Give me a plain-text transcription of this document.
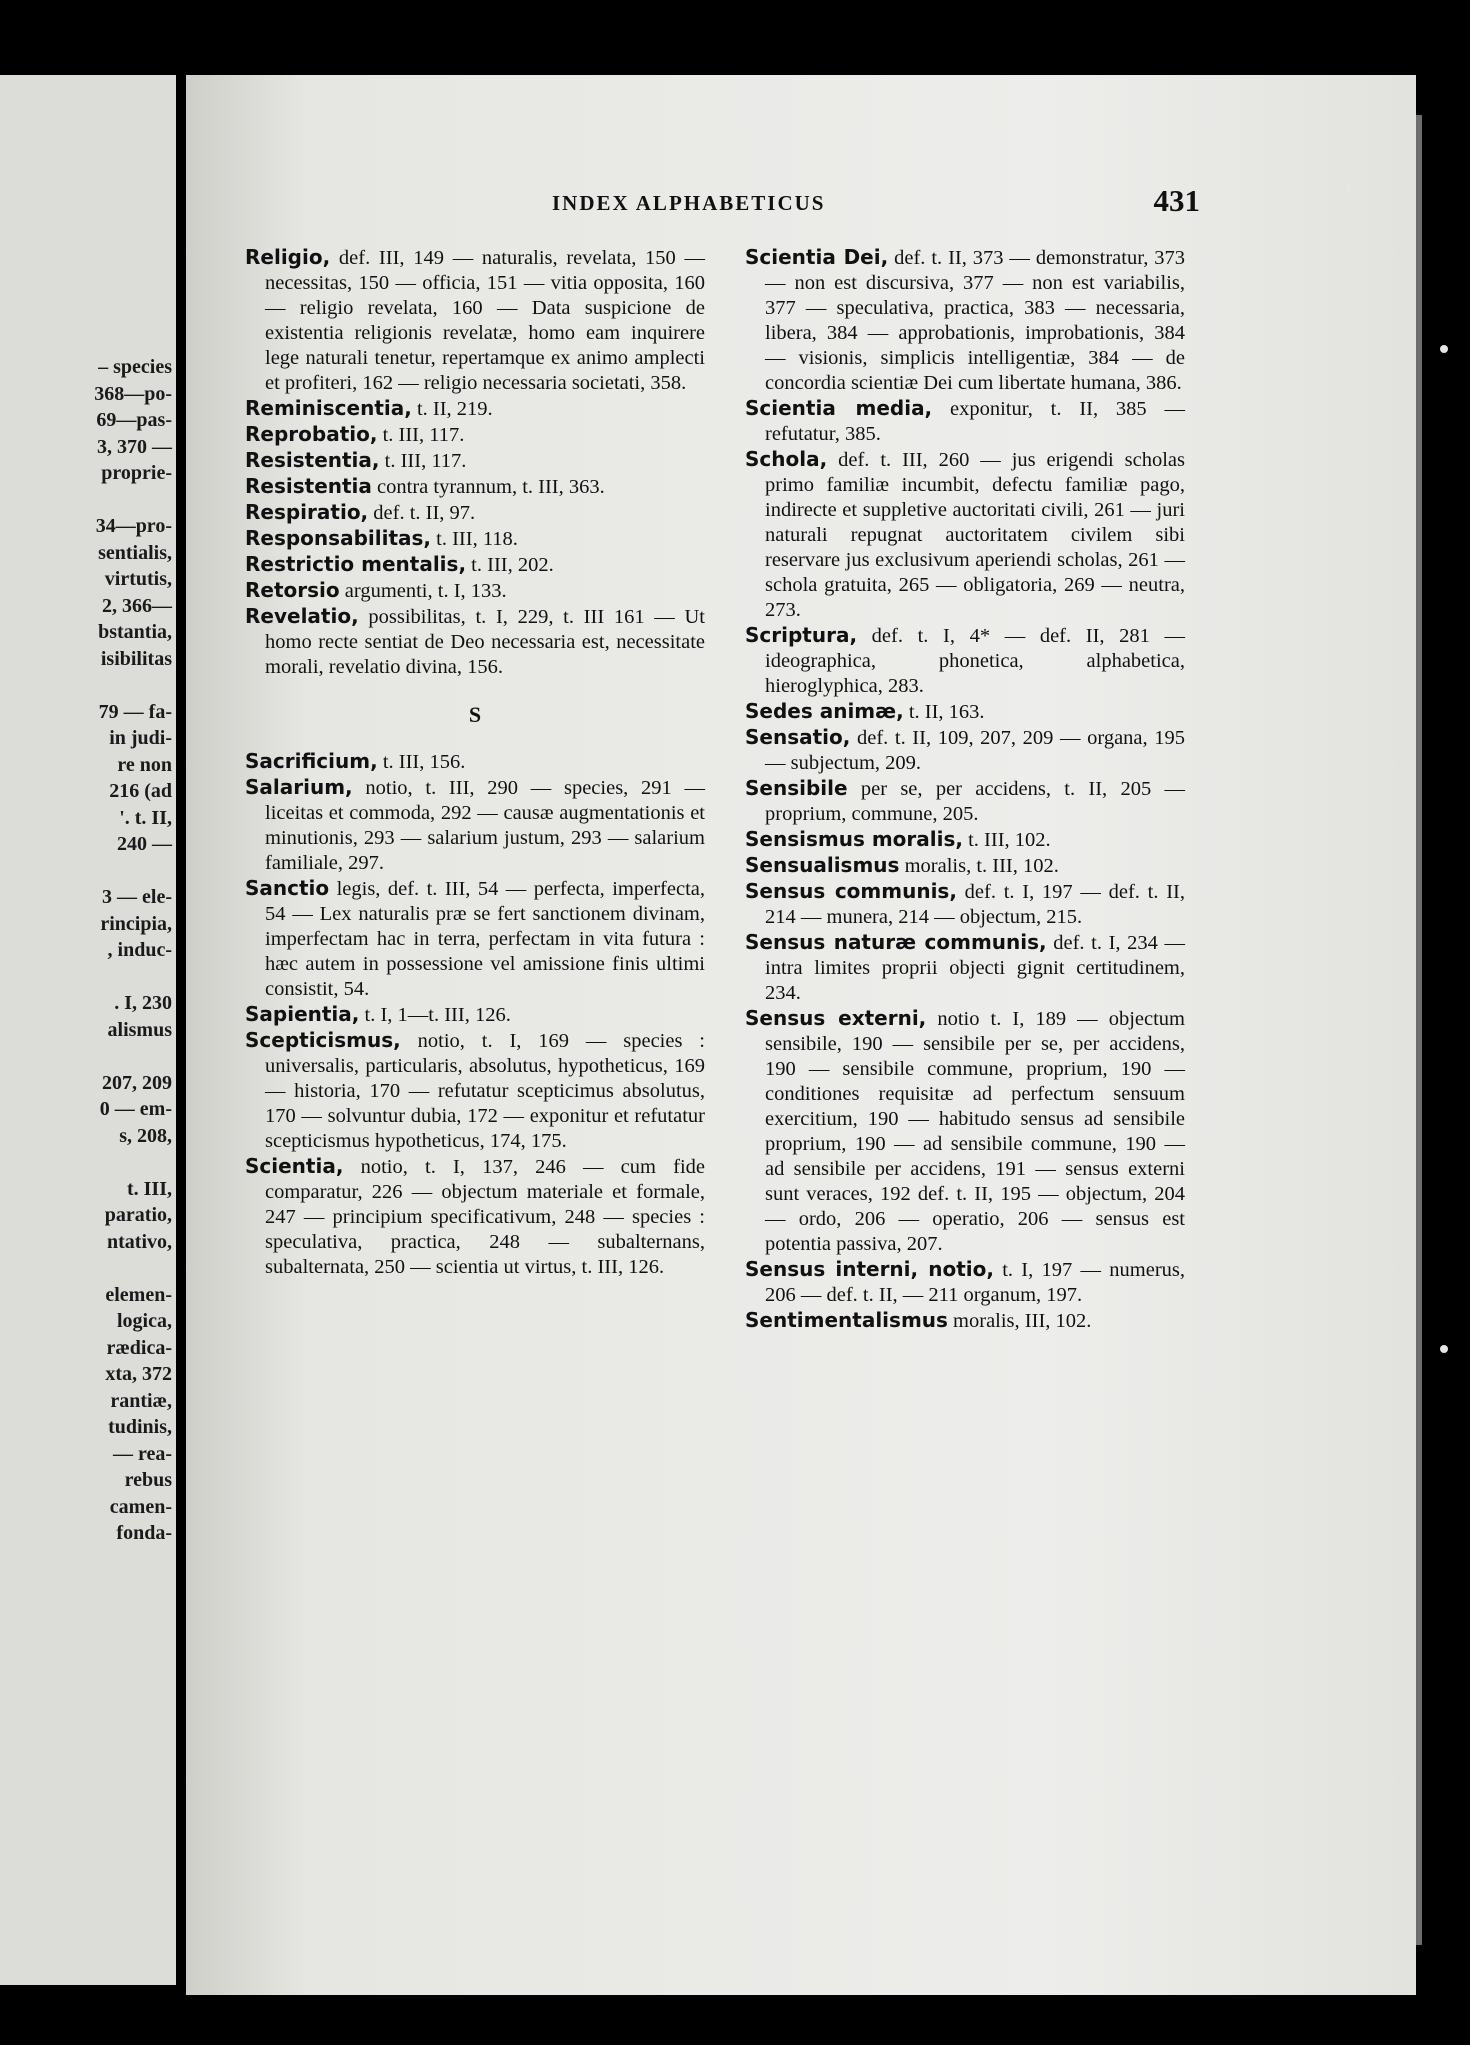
– species
368—po-
69—pas-
3, 370 —
proprie-
34—pro-
sentialis,
virtutis,
2, 366—
bstantia,
isibilitas
79 — fa-
in judi-
re non
216 (ad
'. t. II,
240 —
3 — ele-
rincipia,
, induc-
. I, 230
alismus
207, 209
0 — em-
s, 208,
t. III,
paratio,
ntativo,
elemen-
logica,
rædica-
xta, 372
rantiæ,
tudinis,
— rea-
rebus
camen-
fonda-
INDEX ALPHABETICUS	431

Religio, def. III, 149 — naturalis, revelata, 150 — necessitas, 150 — officia, 151 — vitia opposita, 160 — religio revelata, 160 — Data suspicione de existentia religionis revelatæ, homo eam inquirere lege naturali tenetur, repertamque ex animo amplecti et profiteri, 162 — religio necessaria societati, 358.

Reminiscentia, t. II, 219.

Reprobatio, t. III, 117.

Resistentia, t. III, 117.

Resistentia contra tyrannum, t. III, 363.

Respiratio, def. t. II, 97.

Responsabilitas, t. III, 118.

Restrictio mentalis, t. III, 202.

Retorsio argumenti, t. I, 133.

Revelatio, possibilitas, t. I, 229, t. III 161 — Ut homo recte sentiat de Deo necessaria est, necessitate morali, revelatio divina, 156.

S

Sacrificium, t. III, 156.

Salarium, notio, t. III, 290 — species, 291 — liceitas et commoda, 292 — causæ augmentationis et minutionis, 293 — salarium justum, 293 — salarium familiale, 297.

Sanctio legis, def. t. III, 54 — perfecta, imperfecta, 54 — Lex naturalis præ se fert sanctionem divinam, imperfectam hac in terra, perfectam in vita futura : hæc autem in possessione vel amissione finis ultimi consistit, 54.

Sapientia, t. I, 1—t. III, 126.

Scepticismus, notio, t. I, 169 — species : universalis, particularis, absolutus, hypotheticus, 169 — historia, 170 — refutatur scepticimus absolutus, 170 — solvuntur dubia, 172 — exponitur et refutatur scepticismus hypotheticus, 174, 175.

Scientia, notio, t. I, 137, 246 — cum fide comparatur, 226 — objectum materiale et formale, 247 — principium specificativum, 248 — species : speculativa, practica, 248 — subalternans, subalternata, 250 — scientia ut virtus, t. III, 126.

Scientia Dei, def. t. II, 373 — demonstratur, 373 — non est discursiva, 377 — non est variabilis, 377 — speculativa, practica, 383 — necessaria, libera, 384 — approbationis, improbationis, 384 — visionis, simplicis intelligentiæ, 384 — de concordia scientiæ Dei cum libertate humana, 386.

Scientia media, exponitur, t. II, 385 — refutatur, 385.

Schola, def. t. III, 260 — jus erigendi scholas primo familiæ incumbit, defectu familiæ pago, indirecte et suppletive auctoritati civili, 261 — juri naturali repugnat auctoritatem civilem sibi reservare jus exclusivum aperiendi scholas, 261 — schola gratuita, 265 — obligatoria, 269 — neutra, 273.

Scriptura, def. t. I, 4* — def. II, 281 — ideographica, phonetica, alphabetica, hieroglyphica, 283.

Sedes animæ, t. II, 163.

Sensatio, def. t. II, 109, 207, 209 — organa, 195 — subjectum, 209.

Sensibile per se, per accidens, t. II, 205 — proprium, commune, 205.

Sensismus moralis, t. III, 102.

Sensualismus moralis, t. III, 102.

Sensus communis, def. t. I, 197 — def. t. II, 214 — munera, 214 — objectum, 215.

Sensus naturæ communis, def. t. I, 234 — intra limites proprii objecti gignit certitudinem, 234.

Sensus externi, notio t. I, 189 — objectum sensibile, 190 — sensibile per se, per accidens, 190 — sensibile commune, proprium, 190 — conditiones requisitæ ad perfectum sensuum exercitium, 190 — habitudo sensus ad sensibile proprium, 190 — ad sensibile commune, 190 — ad sensibile per accidens, 191 — sensus externi sunt veraces, 192 def. t. II, 195 — objectum, 204 — ordo, 206 — operatio, 206 — sensus est potentia passiva, 207.

Sensus interni, notio, t. I, 197 — numerus, 206 — def. t. II, — 211 organum, 197.

Sentimentalismus moralis, III, 102.
